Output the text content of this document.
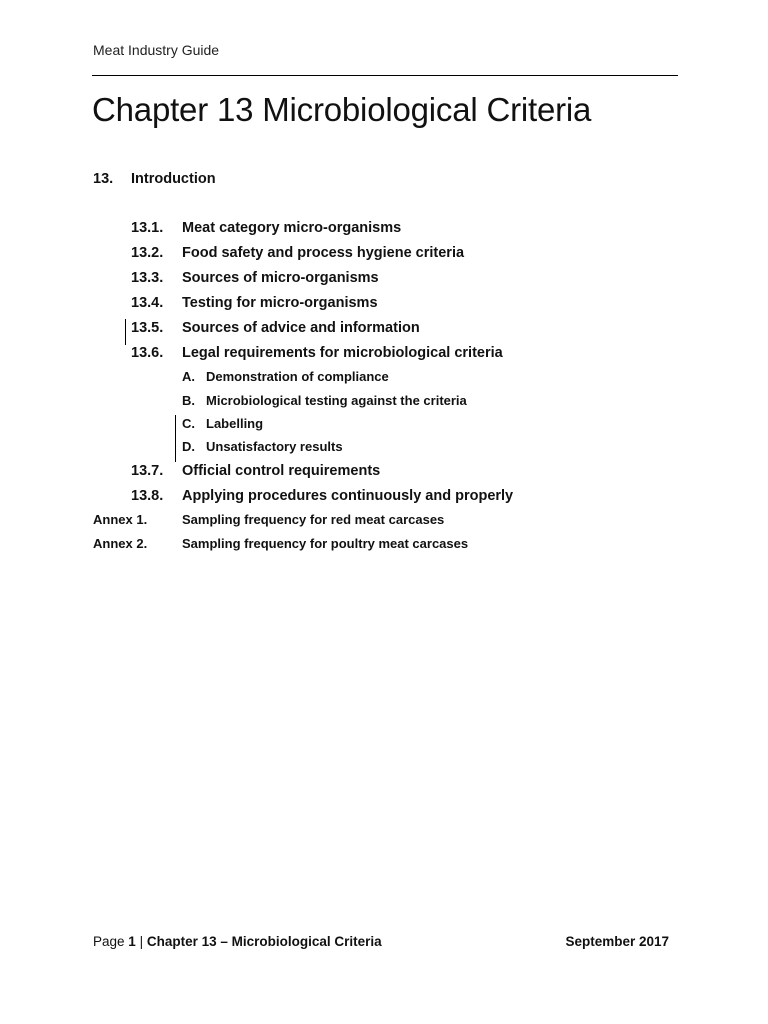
Meat Industry Guide
Chapter 13 Microbiological Criteria
13. Introduction
13.1. Meat category micro-organisms
13.2. Food safety and process hygiene criteria
13.3. Sources of micro-organisms
13.4. Testing for micro-organisms
13.5. Sources of advice and information
13.6. Legal requirements for microbiological criteria
A. Demonstration of compliance
B. Microbiological testing against the criteria
C. Labelling
D. Unsatisfactory results
13.7. Official control requirements
13.8. Applying procedures continuously and properly
Annex 1.	Sampling frequency for red meat carcases
Annex 2.	Sampling frequency for poultry meat carcases
Page 1 | Chapter 13 – Microbiological Criteria	September 2017
